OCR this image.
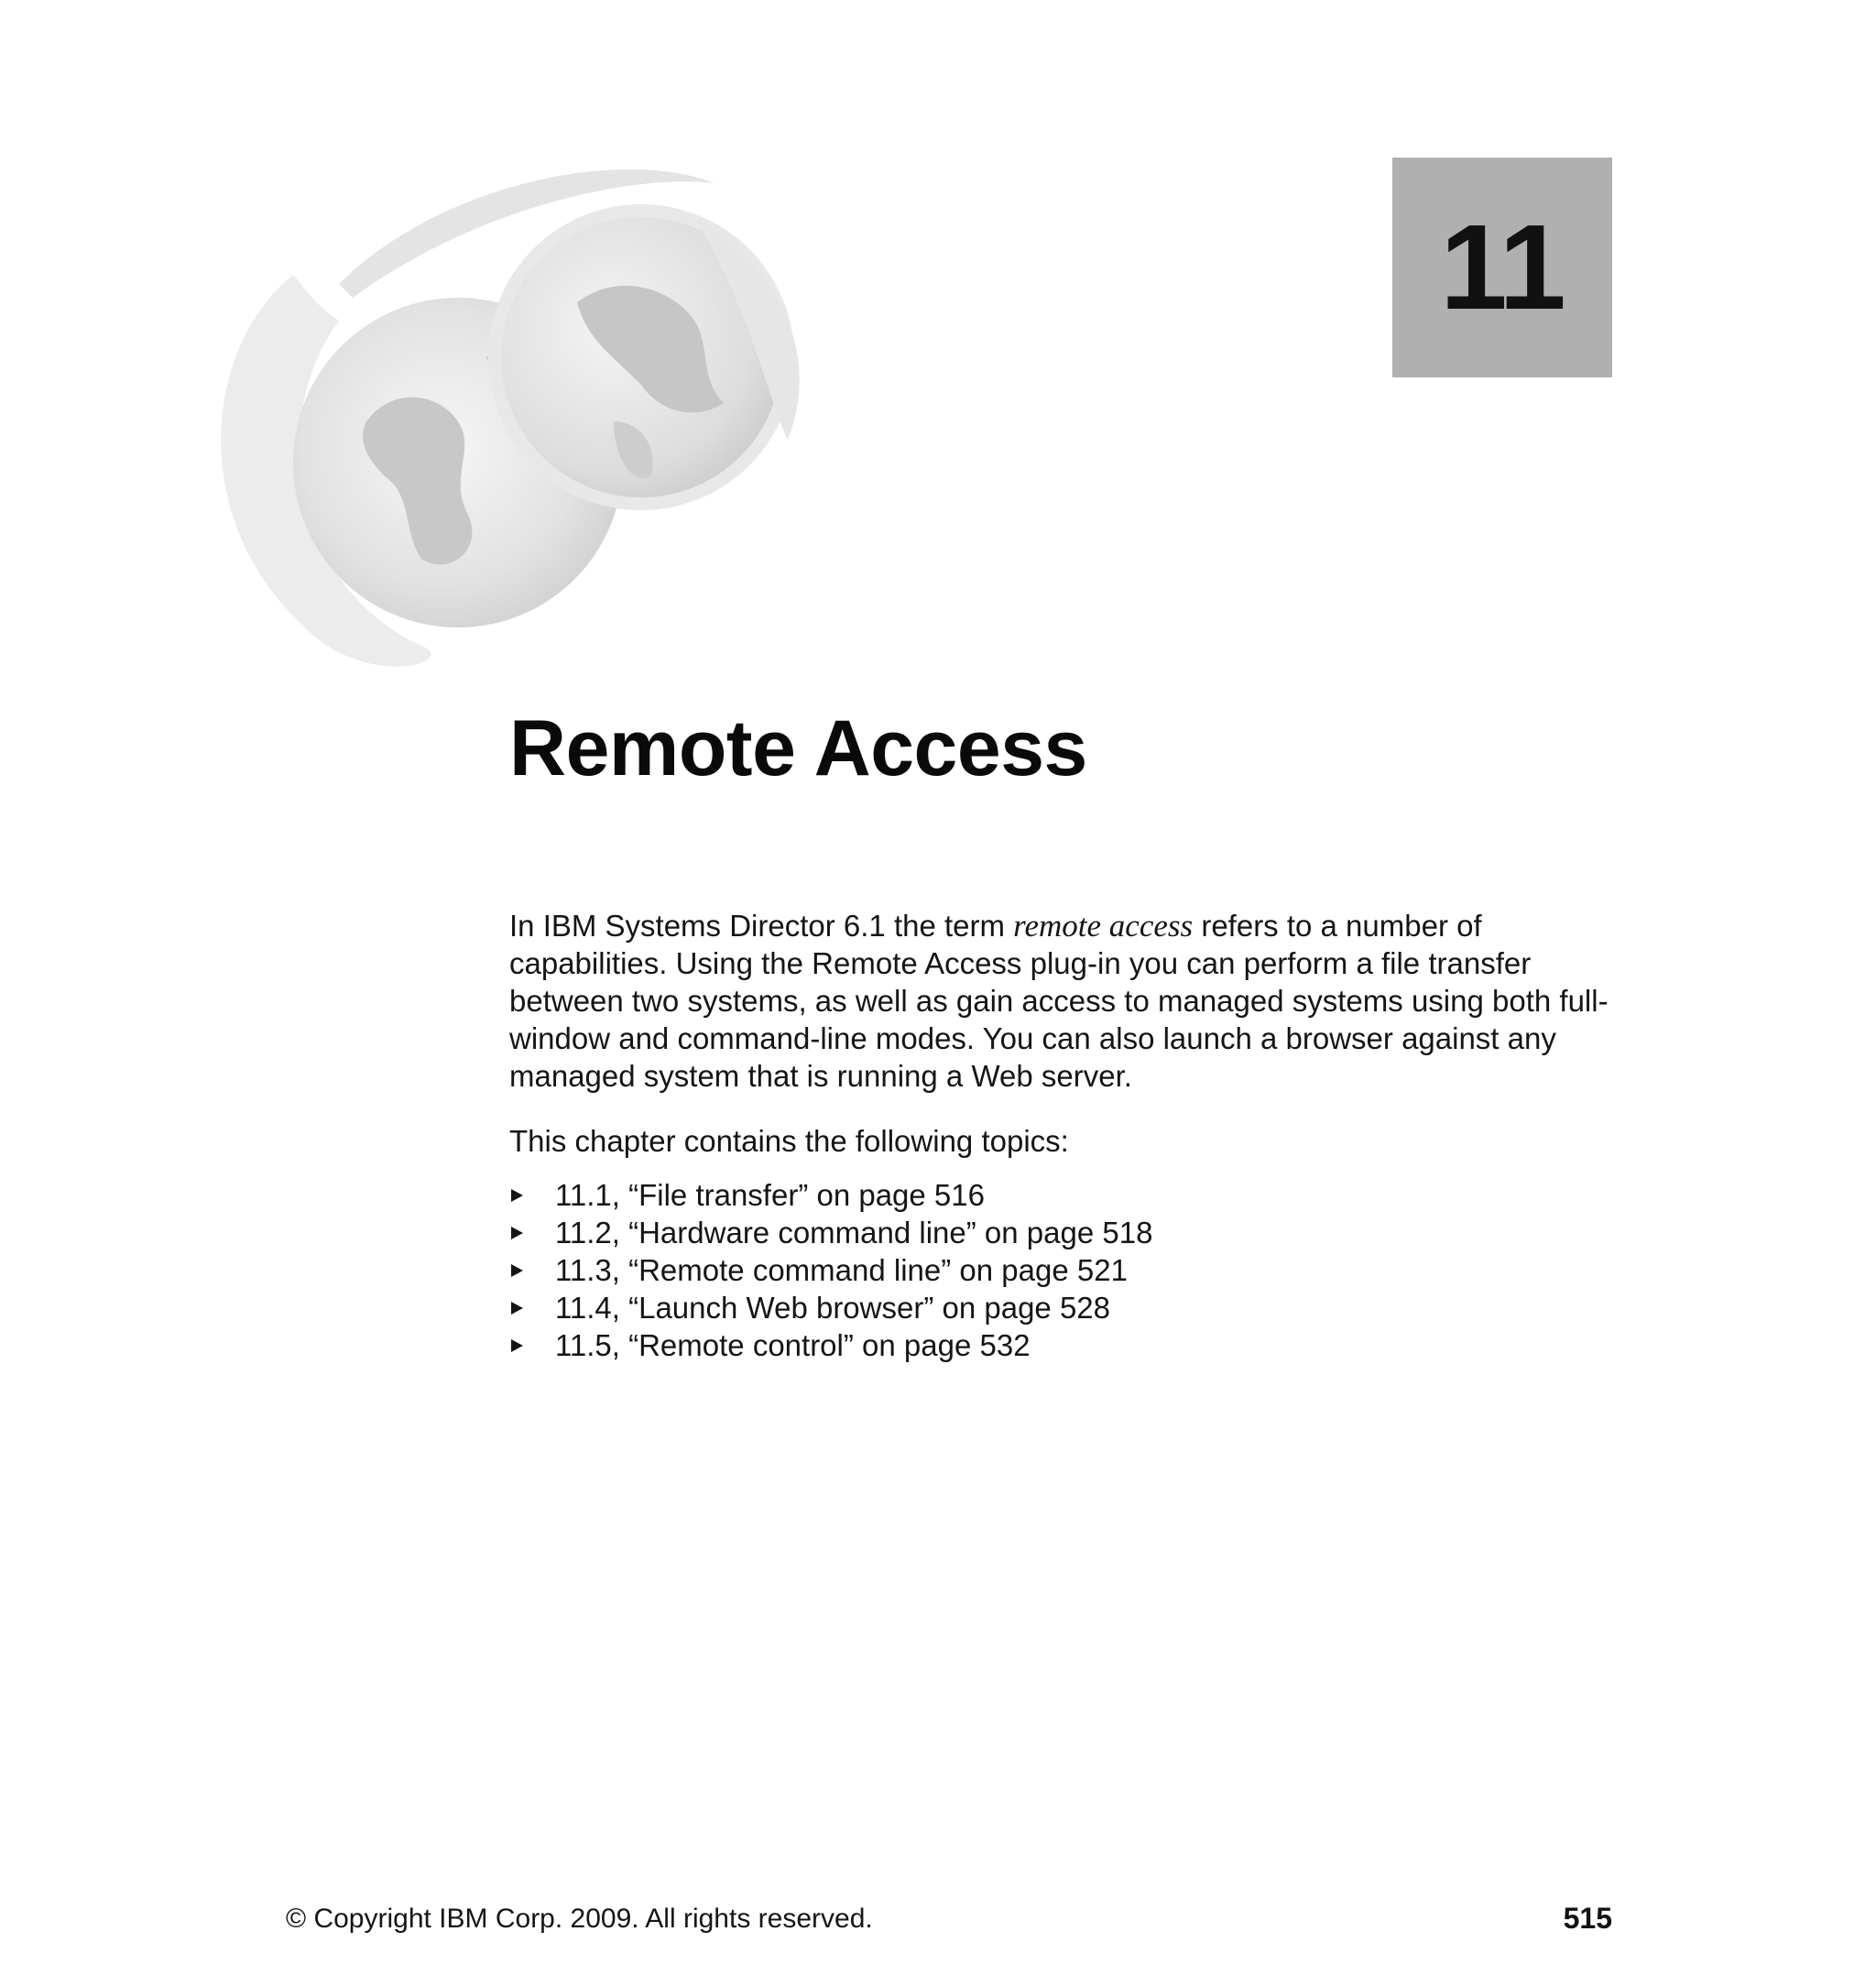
11
Remote Access

In IBM Systems Director 6.1 the term remote access refers to a number of capabilities. Using the Remote Access plug-in you can perform a file transfer between two systems, as well as gain access to managed systems using both full-window and command-line modes. You can also launch a browser against any managed system that is running a Web server.

This chapter contains the following topics:

11.1, “File transfer” on page 516
11.2, “Hardware command line” on page 518
11.3, “Remote command line” on page 521
11.4, “Launch Web browser” on page 528
11.5, “Remote control” on page 532
© Copyright IBM Corp. 2009. All rights reserved.	515
